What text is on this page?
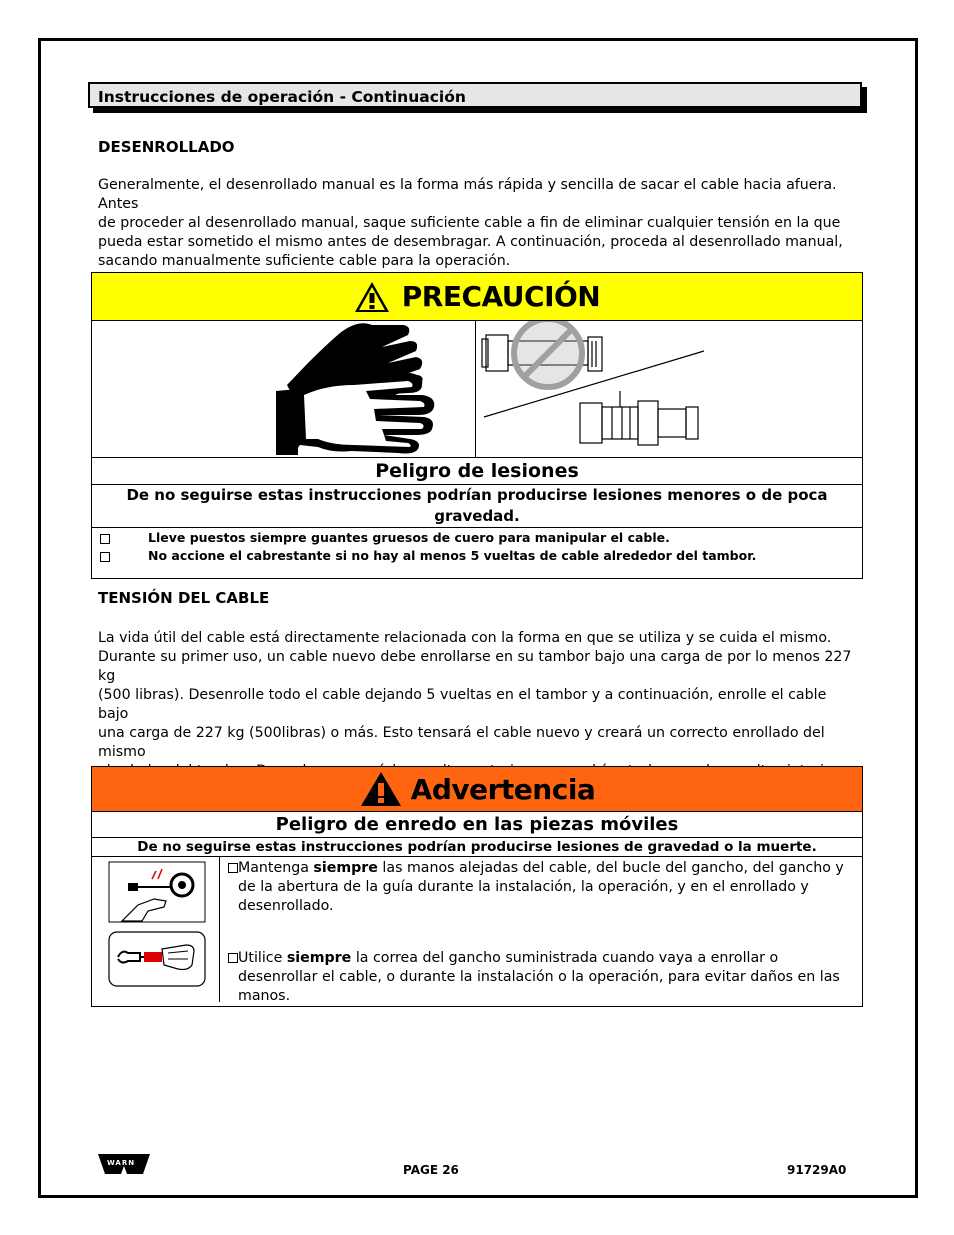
Instrucciones de operación - Continuación
DESENROLLADO
Generalmente, el desenrollado manual es la forma más rápida y sencilla de sacar el cable hacia afuera. Antes
de proceder al desenrollado manual, saque suficiente cable a fin de eliminar cualquier tensión en la que
pueda estar sometido el mismo antes de desembragar. A continuación, proceda al desenrollado manual,
sacando manualmente suficiente cable para la operación.
PRECAUCIÓN
Peligro de lesiones
De no seguirse estas instrucciones podrían producirse lesiones menores o de poca gravedad.
Lleve puestos siempre guantes gruesos de cuero para manipular el cable.
No accione el cabrestante si no hay al menos 5 vueltas de cable alrededor del tambor.
TENSIÓN DEL CABLE
La vida útil del cable está directamente relacionada con la forma en que se utiliza y se cuida el mismo.
Durante su primer uso, un cable nuevo debe enrollarse en su tambor bajo una carga de por lo menos 227 kg
(500 libras). Desenrolle todo el cable dejando 5 vueltas en el tambor y a continuación, enrolle el cable bajo
una carga de 227 kg (500libras) o más. Esto tensará el cable nuevo y creará un correcto enrollado del mismo
Advertencia
Peligro de enredo en las piezas móviles
De no seguirse estas instrucciones podrían producirse lesiones de gravedad o la muerte.
Mantenga siempre las manos alejadas del cable, del bucle del gancho, del gancho y de la abertura de la guía durante la instalación, la operación, y en el enrollado y desenrollado.
Utilice siempre la correa del gancho suministrada cuando vaya a enrollar o desenrollar el cable, o durante la instalación o la operación, para evitar daños en las manos.
WARN	PAGE 26	91729A0
